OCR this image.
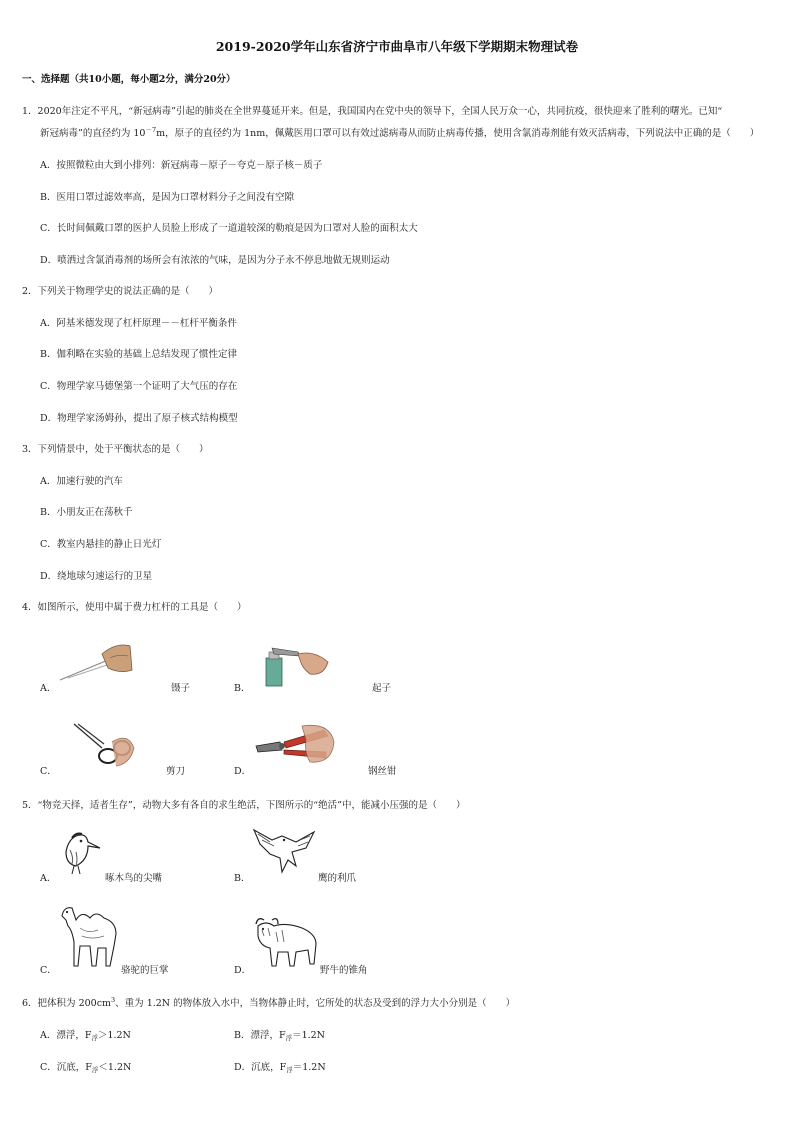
2019-2020学年山东省济宁市曲阜市八年级下学期期末物理试卷
一、选择题（共10小题，每小题2分，满分20分）
1．2020年注定不平凡，“新冠病毒”引起的肺炎在全世界蔓延开来。但是，我国国内在党中央的领导下，全国人民万众一心，共同抗疫，很快迎来了胜利的曙光。已知“
新冠病毒”的直径约为 $10^{-7}m$，原子的直径约为 1nm，佩戴医用口罩可以有效过滤病毒从而防止病毒传播，使用含氯消毒剂能有效灭活病毒，下列说法中正确的是（　　）
A．按照微粒由大到小排列：新冠病毒－原子－夸克－原子核－质子
B．医用口罩过滤效率高，是因为口罩材料分子之间没有空隙
C．长时间佩戴口罩的医护人员脸上形成了一道道较深的勒痕是因为口罩对人脸的面积太大
D．喷洒过含氯消毒剂的场所会有浓浓的气味，是因为分子永不停息地做无规则运动
2．下列关于物理学史的说法正确的是（　　）
A．阿基米德发现了杠杆原理－－杠杆平衡条件
B．伽利略在实验的基础上总结发现了惯性定律
C．物理学家马德堡第一个证明了大气压的存在
D．物理学家汤姆孙，提出了原子核式结构模型
3．下列情景中，处于平衡状态的是（　　）
A．加速行驶的汽车
B．小朋友正在荡秋千
C．教室内悬挂的静止日光灯
D．绕地球匀速运行的卫星
4．如图所示，使用中属于费力杠杆的工具是（　　）
A．	镊子	B．	起子
C．	剪刀	D．	钢丝钳
5．“物竞天择，适者生存”，动物大多有各自的求生绝活，下图所示的“绝活”中，能减小压强的是（　　）
A．	啄木鸟的尖嘴	B．	鹰的利爪
C．	骆驼的巨掌	D．	野牛的锥角
6．把体积为 $200cm^3$、重为 1.2N 的物体放入水中，当物体静止时，它所处的状态及受到的浮力大小分别是（　　）
A．漂浮，$F_浮>1.2N$	B．漂浮，$F_浮=1.2N$
C．沉底，$F_浮<1.2N$	D．沉底，$F_浮=1.2N$
